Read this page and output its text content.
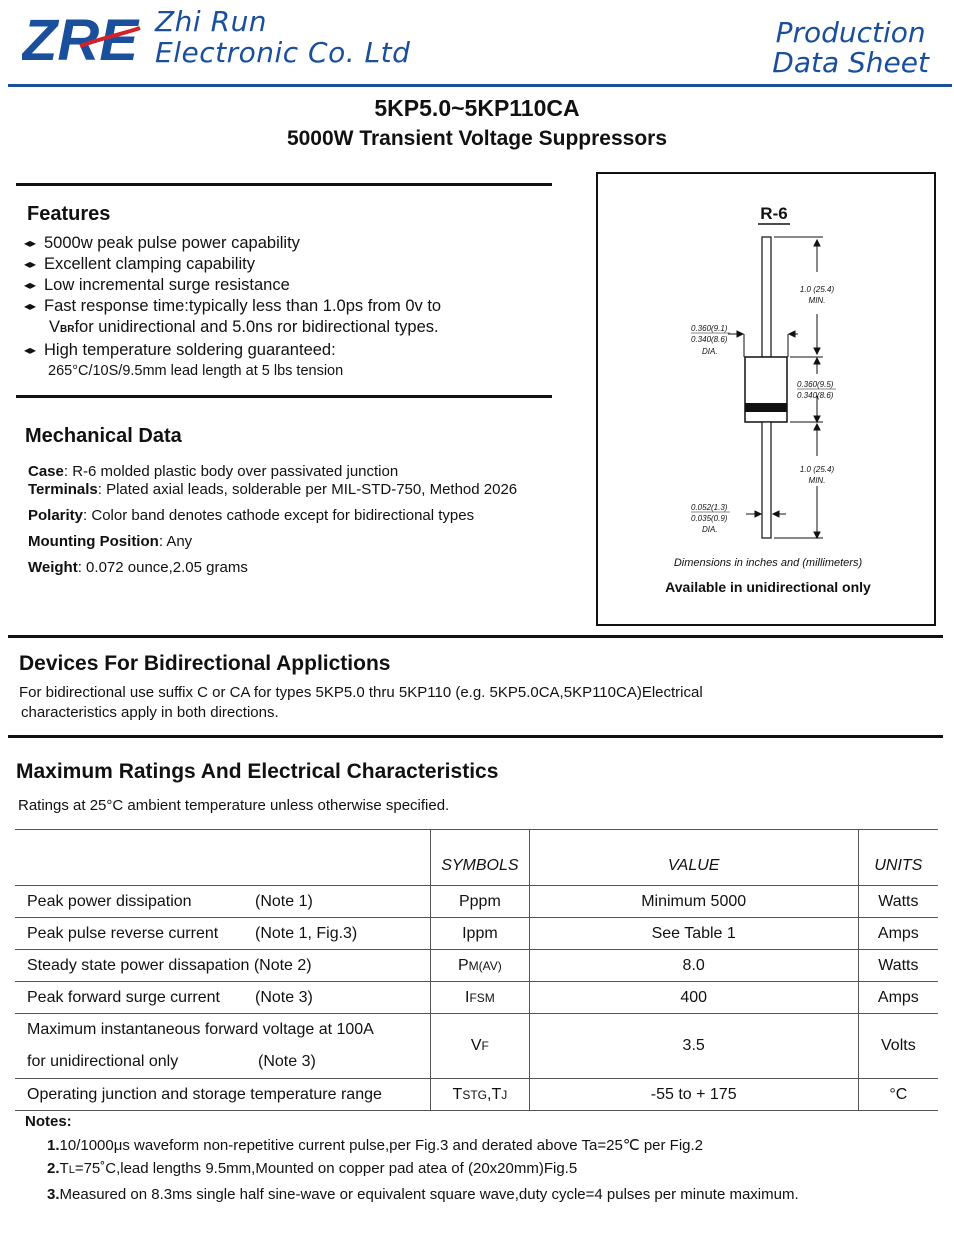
ZRE Zhi Run
Electronic Co. Ltd
Production
Data Sheet
5KP5.0~5KP110CA
5000W Transient Voltage Suppressors
Features
◂▸ 5000w peak pulse power capability
◂▸ Excellent clamping capability
◂▸ Low incremental surge resistance
◂▸ Fast response time:typically less than 1.0ps from 0v to
VBRfor unidirectional and 5.0ns ror bidirectional types.
◂▸ High temperature soldering guaranteed:
265°C/10S/9.5mm lead length at 5 lbs tension
Mechanical Data
Case: R-6 molded plastic body over passivated junction
Terminals: Plated axial leads, solderable per MIL-STD-750, Method 2026
Polarity: Color band denotes cathode except for bidirectional types
Mounting Position: Any
Weight: 0.072 ounce,2.05 grams
R-6
1.0 (25.4)
MIN.
0.360(9.1)
0.340(8.6)
DIA.
0.360(9.5)
0.340(8.6)
1.0 (25.4)
MIN.
0.052(1.3)
0.035(0.9)
DIA.
Dimensions in inches and (millimeters)
Available in unidirectional only
Devices For Bidirectional Applictions
For bidirectional use suffix C or CA for types 5KP5.0 thru 5KP110 (e.g. 5KP5.0CA,5KP110CA)Electrical
characteristics apply in both directions.
Maximum Ratings And Electrical Characteristics
Ratings at 25°C ambient temperature unless otherwise specified.
	SYMBOLS	VALUE	UNITS
Peak power dissipation (Note 1)	Pppm	Minimum 5000	Watts
Peak pulse reverse current (Note 1, Fig.3)	Ippm	See Table 1	Amps
Steady state power dissapation (Note 2)	PM(AV)	8.0	Watts
Peak forward surge current (Note 3)	IFSM	400	Amps

Maximum instantaneous forward voltage at 100A
for unidirectional only (Note 3)	VF	3.5	Volts
Operating junction and storage temperature range	TSTG,TJ	-55 to + 175	°C
Notes:
1.10/1000μs waveform non-repetitive current pulse,per Fig.3 and derated above Ta=25℃ per Fig.2
2.TL=75˚C,lead lengths 9.5mm,Mounted on copper pad atea of (20x20mm)Fig.5
3.Measured on 8.3ms single half sine-wave or equivalent square wave,duty cycle=4 pulses per minute maximum.
